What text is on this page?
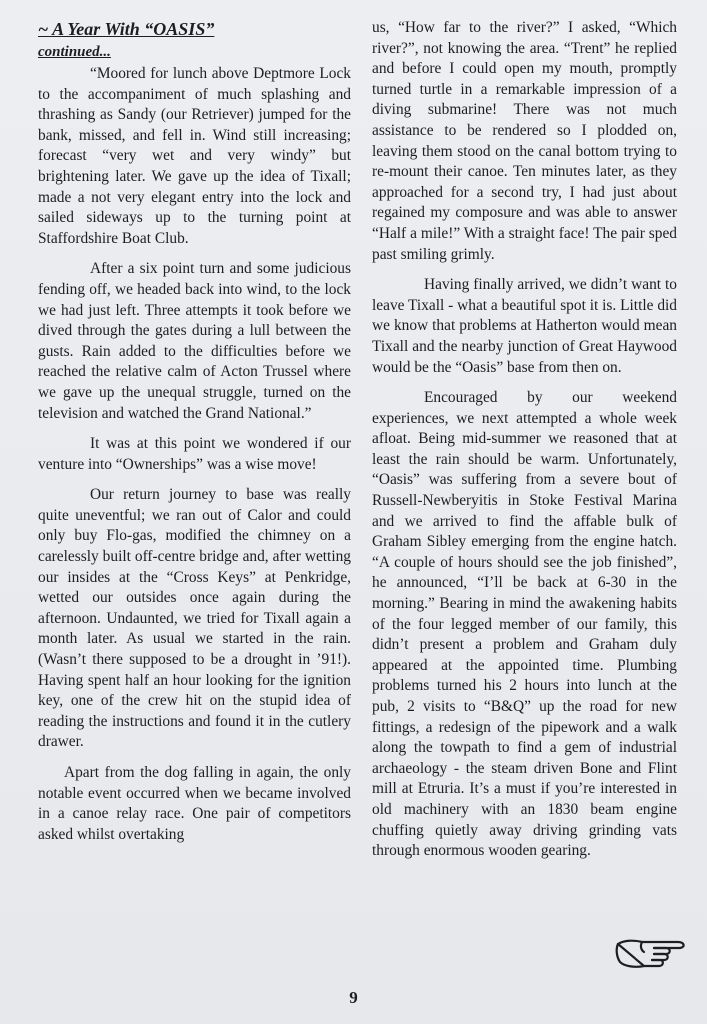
~ A Year With “OASIS”
continued...

“Moored for lunch above Deptmore Lock to the accompaniment of much splashing and thrashing as Sandy (our Retriever) jumped for the bank, missed, and fell in. Wind still increasing; forecast “very wet and very windy” but brightening later. We gave up the idea of Tixall; made a not very elegant entry into the lock and sailed sideways up to the turning point at Staffordshire Boat Club.

After a six point turn and some judicious fending off, we headed back into wind, to the lock we had just left. Three attempts it took before we dived through the gates during a lull between the gusts. Rain added to the difficulties before we reached the relative calm of Acton Trussel where we gave up the unequal struggle, turned on the television and watched the Grand National.”

It was at this point we wondered if our venture into “Ownerships” was a wise move!

Our return journey to base was really quite uneventful; we ran out of Calor and could only buy Flo-gas, modified the chimney on a carelessly built off-centre bridge and, after wetting our insides at the “Cross Keys” at Penkridge, wetted our outsides once again during the afternoon. Undaunted, we tried for Tixall again a month later. As usual we started in the rain. (Wasn’t there supposed to be a drought in ’91!). Having spent half an hour looking for the ignition key, one of the crew hit on the stupid idea of reading the instructions and found it in the cutlery drawer.

Apart from the dog falling in again, the only notable event occurred when we became involved in a canoe relay race. One pair of competitors asked whilst overtaking

us, “How far to the river?” I asked, “Which river?”, not knowing the area. “Trent” he replied and before I could open my mouth, promptly turned turtle in a remarkable impression of a diving submarine! There was not much assistance to be rendered so I plodded on, leaving them stood on the canal bottom trying to re-mount their canoe. Ten minutes later, as they approached for a second try, I had just about regained my composure and was able to answer “Half a mile!” With a straight face! The pair sped past smiling grimly.

Having finally arrived, we didn’t want to leave Tixall - what a beautiful spot it is. Little did we know that problems at Hatherton would mean Tixall and the nearby junction of Great Haywood would be the “Oasis” base from then on.

Encouraged by our weekend experiences, we next attempted a whole week afloat. Being mid-summer we reasoned that at least the rain should be warm. Unfortunately, “Oasis” was suffering from a severe bout of Russell-Newberyitis in Stoke Festival Marina and we arrived to find the affable bulk of Graham Sibley emerging from the engine hatch. “A couple of hours should see the job finished”, he announced, “I’ll be back at 6-30 in the morning.” Bearing in mind the awakening habits of the four legged member of our family, this didn’t present a problem and Graham duly appeared at the appointed time. Plumbing problems turned his 2 hours into lunch at the pub, 2 visits to “B&Q” up the road for new fittings, a redesign of the pipework and a walk along the towpath to find a gem of industrial archaeology - the steam driven Bone and Flint mill at Etruria. It’s a must if you’re interested in old machinery with an 1830 beam engine chuffing quietly away driving grinding vats through enormous wooden gearing.

9
